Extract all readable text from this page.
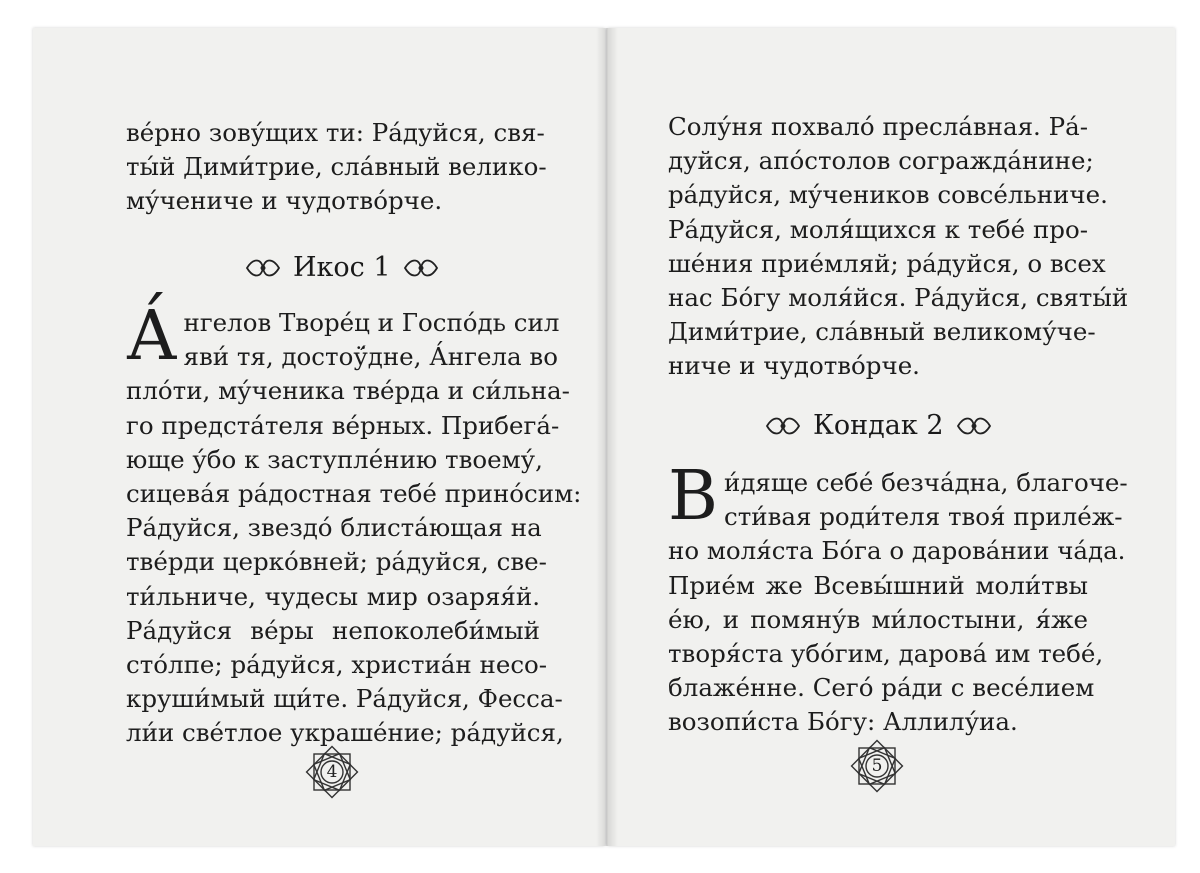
ве́рно зову́щих ти: Ра́дуйся, свя-
ты́й Дими́трие, сла́вный велико-
му́чениче и чудотво́рче.
Икос 1
А́ нгелов Творе́ц и Госпо́дь сил
яви́ тя, достоӱ́дне, А́нгела во
пло́ти, му́ченика тве́рда и си́льна-
го предста́теля ве́рных. Прибега́-
юще у́бо к заступле́нию твоему́,
сицева́я ра́достная тебе́ прино́сим:
Ра́дуйся, звездо́ блиста́ющая на
тве́рди церко́вней; ра́дуйся, све-
ти́льниче, чудесы мир озаряя́й.
Ра́дуйся ве́ры непоколеби́мый
сто́лпе; ра́дуйся, христиа́н несо-
круши́мый щи́те. Ра́дуйся, Фесса-
ли́и све́тлое украше́ние; ра́дуйся,
4
Солу́ня похвало́ пресла́вная. Ра́-
дуйся, апо́столов согражда́нине;
ра́дуйся, му́чеников совсе́льниче.
Ра́дуйся, моля́щихся к тебе́ про-
ше́ния прие́мляй; ра́дуйся, о всех
нас Бо́гу моля́йся. Ра́дуйся, святы́й
Дими́трие, сла́вный великому́че-
ниче и чудотво́рче.
Кондак 2
В и́дяще себе́ безча́дна, благоче-
сти́вая роди́теля твоя́ приле́ж-
но моля́ста Бо́га о дарова́нии ча́да.
Прие́м же Всевы́шний моли́твы
е́ю, и помяну́в ми́лостыни, я́же
творя́ста убо́гим, дарова́ им тебе́,
блаже́нне. Сего́ ра́ди с весе́лием
возопи́ста Бо́гу: Аллилу́иа.
5
